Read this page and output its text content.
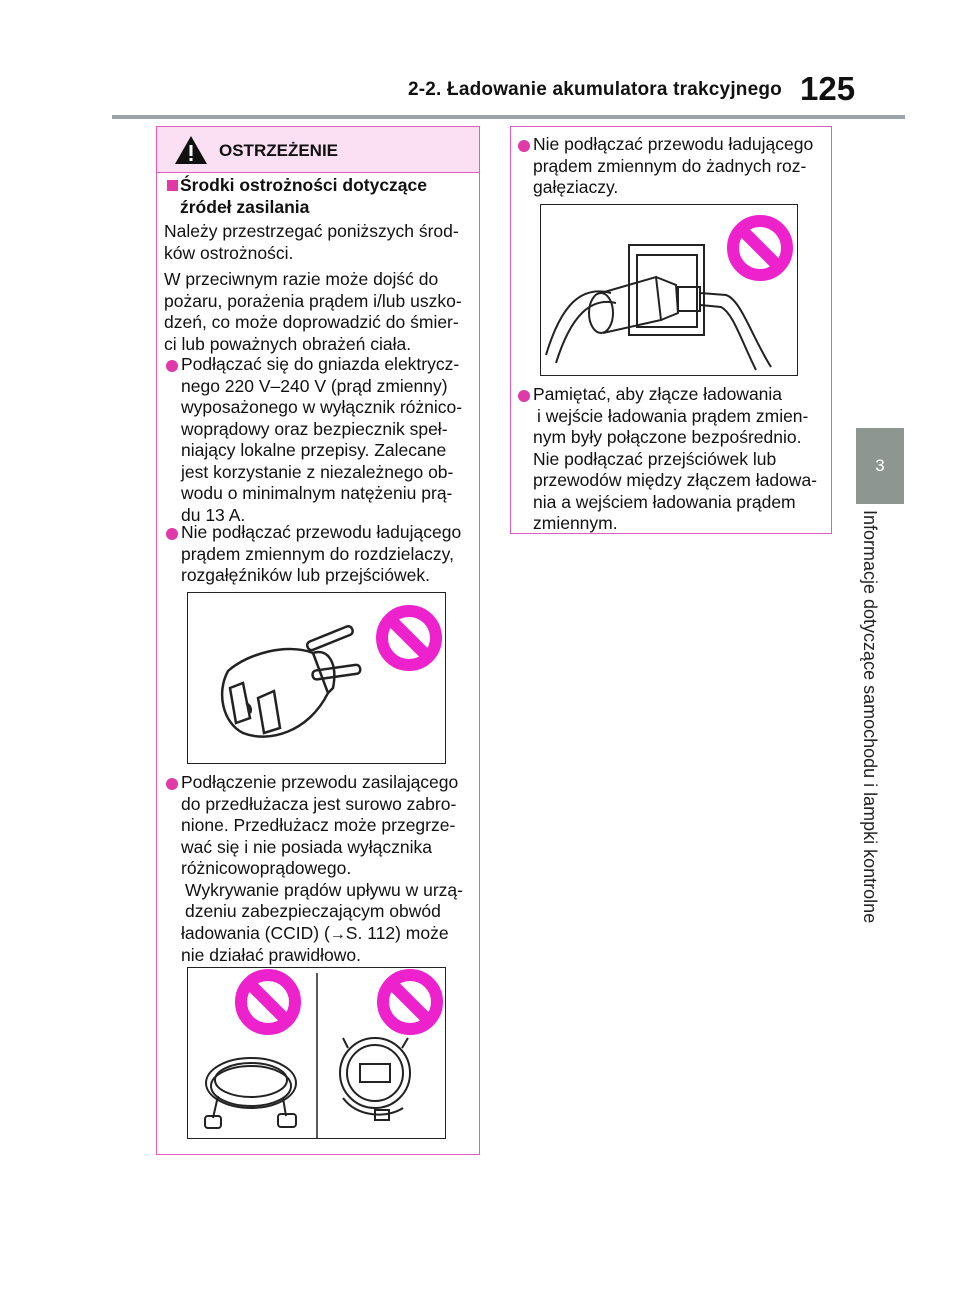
2-2. Ładowanie akumulatora trakcyjnego 125
3
Informacje dotyczące samochodu i lampki kontrolne
OSTRZEŻENIE
Środki ostrożności dotyczące
źródeł zasilania
Należy przestrzegać poniższych środ-
ków ostrożności.
W przeciwnym razie może dojść do
pożaru, porażenia prądem i/lub uszko-
dzeń, co może doprowadzić do śmier-
ci lub poważnych obrażeń ciała.
Podłączać się do gniazda elektrycz-
nego 220 V–240 V (prąd zmienny)
wyposażonego w wyłącznik różnico-
woprądowy oraz bezpiecznik speł-
niający lokalne przepisy. Zalecane
jest korzystanie z niezależnego ob-
wodu o minimalnym natężeniu prą-
du 13 A.
Nie podłączać przewodu ładującego
prądem zmiennym do rozdzielaczy,
rozgałęźników lub przejściówek.
Podłączenie przewodu zasilającego
do przedłużacza jest surowo zabro-
nione. Przedłużacz może przegrze-
wać się i nie posiada wyłącznika
różnicowoprądowego.
Wykrywanie prądów upływu w urzą-
dzeniu zabezpieczającym obwód
ładowania (CCID) (→S. 112) może
nie działać prawidłowo.
Nie podłączać przewodu ładującego
prądem zmiennym do żadnych roz-
gałęziaczy.
Pamiętać, aby złącze ładowania
i wejście ładowania prądem zmien-
nym były połączone bezpośrednio.
Nie podłączać przejściówek lub
przewodów między złączem ładowa-
nia a wejściem ładowania prądem
zmiennym.
